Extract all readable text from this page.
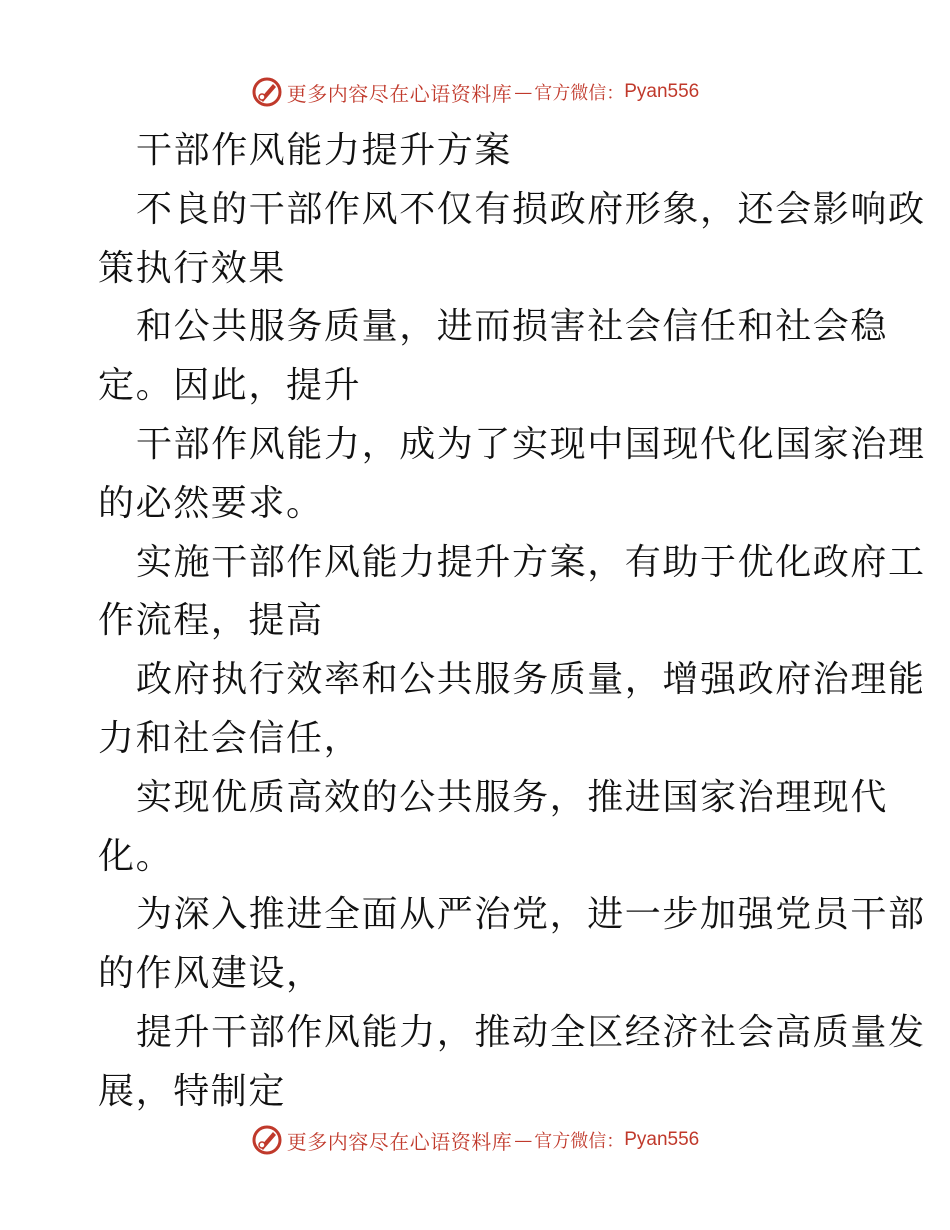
更多内容尽在心语资料库 — 官方微信： Pyan556
干部作风能力提升方案
不良的干部作风不仅有损政府形象，还会影响政
策执行效果
和公共服务质量，进而损害社会信任和社会稳
定。因此，提升
干部作风能力，成为了实现中国现代化国家治理
的必然要求。
实施干部作风能力提升方案，有助于优化政府工
作流程，提高
政府执行效率和公共服务质量，增强政府治理能
力和社会信任，
实现优质高效的公共服务，推进国家治理现代
化。
为深入推进全面从严治党，进一步加强党员干部
的作风建设，
提升干部作风能力，推动全区经济社会高质量发
展，特制定
更多内容尽在心语资料库 — 官方微信： Pyan556
